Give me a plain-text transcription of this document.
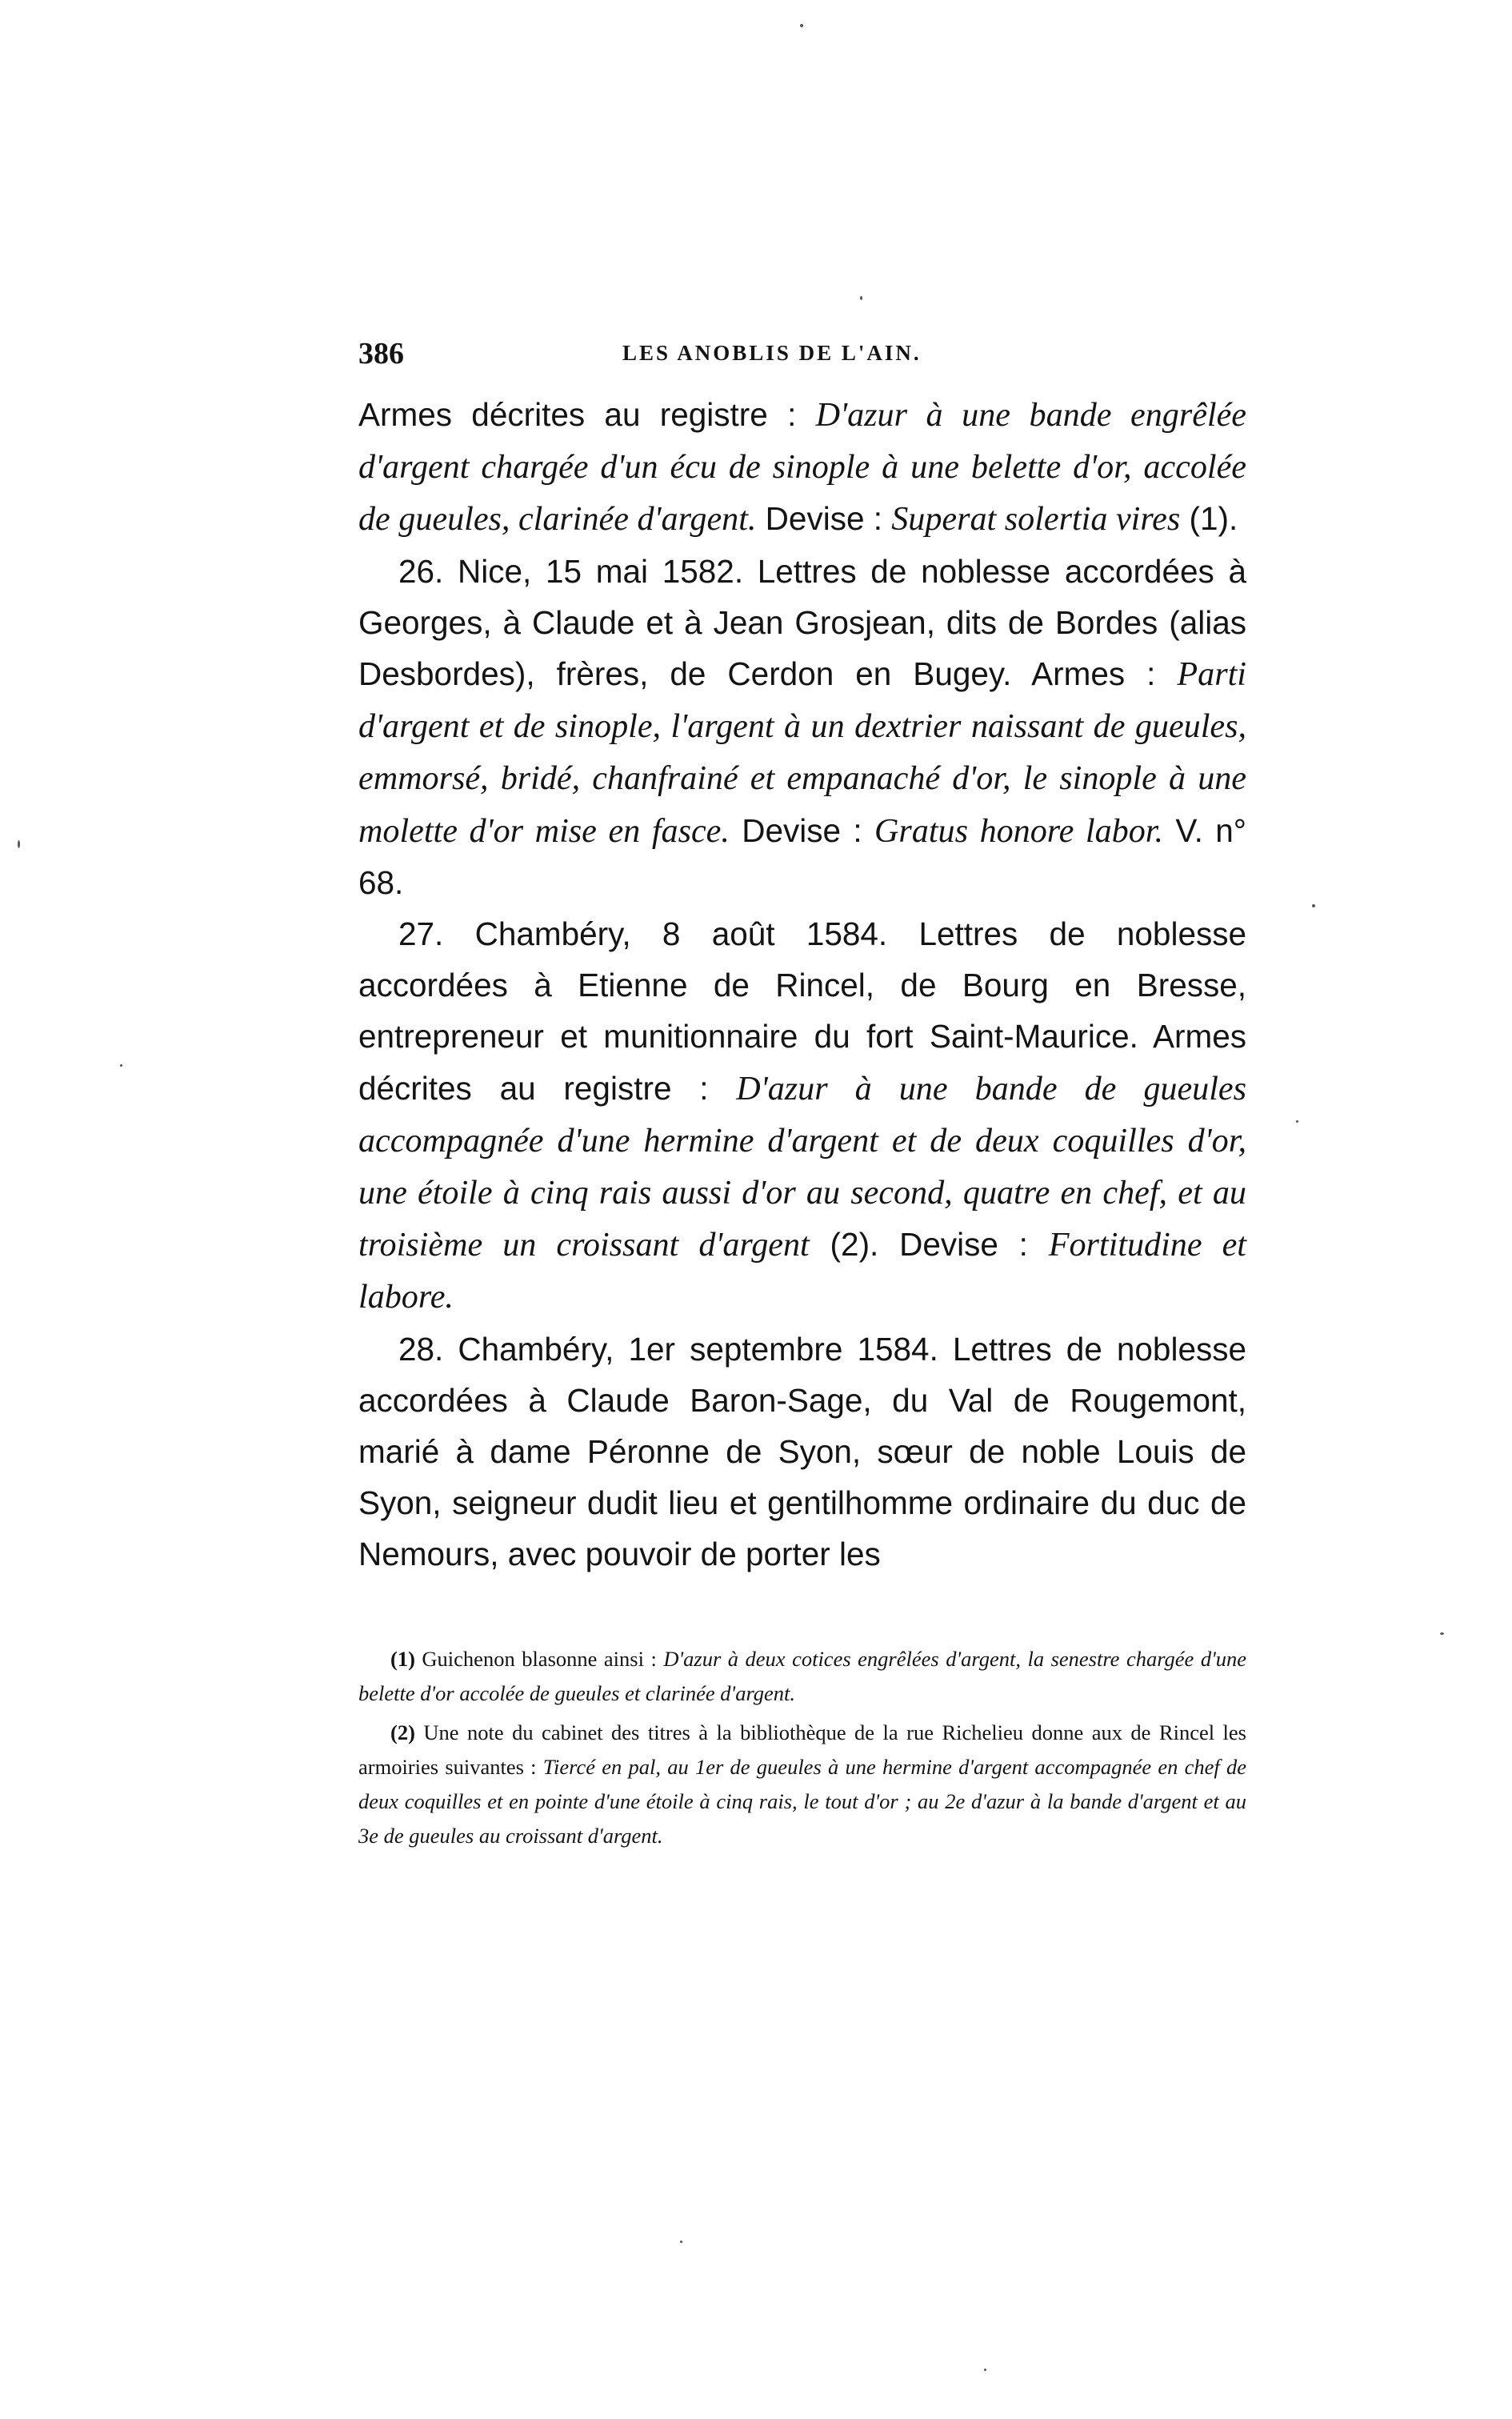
386	LES ANOBLIS DE L'AIN.

Armes décrites au registre : D'azur à une bande engrêlée d'argent chargée d'un écu de sinople à une belette d'or, accolée de gueules, clarinée d'argent. Devise : Superat solertia vires (1).

26. Nice, 15 mai 1582. Lettres de noblesse accordées à Georges, à Claude et à Jean Grosjean, dits de Bordes (alias Desbordes), frères, de Cerdon en Bugey. Armes : Parti d'argent et de sinople, l'argent à un dextrier naissant de gueules, emmorsé, bridé, chanfrainé et empanaché d'or, le sinople à une molette d'or mise en fasce. Devise : Gratus honore labor. V. n° 68.

27. Chambéry, 8 août 1584. Lettres de noblesse accordées à Etienne de Rincel, de Bourg en Bresse, entrepreneur et munitionnaire du fort Saint-Maurice. Armes décrites au registre : D'azur à une bande de gueules accompagnée d'une hermine d'argent et de deux coquilles d'or, une étoile à cinq rais aussi d'or au second, quatre en chef, et au troisième un croissant d'argent (2). Devise : Fortitudine et labore.

28. Chambéry, 1er septembre 1584. Lettres de noblesse accordées à Claude Baron-Sage, du Val de Rougemont, marié à dame Péronne de Syon, sœur de noble Louis de Syon, seigneur dudit lieu et gentilhomme ordinaire du duc de Nemours, avec pouvoir de porter les

(1) Guichenon blasonne ainsi : D'azur à deux cotices engrêlées d'argent, la senestre chargée d'une belette d'or accolée de gueules et clarinée d'argent.

(2) Une note du cabinet des titres à la bibliothèque de la rue Richelieu donne aux de Rincel les armoiries suivantes : Tiercé en pal, au 1er de gueules à une hermine d'argent accompagnée en chef de deux coquilles et en pointe d'une étoile à cinq rais, le tout d'or ; au 2e d'azur à la bande d'argent et au 3e de gueules au croissant d'argent.
